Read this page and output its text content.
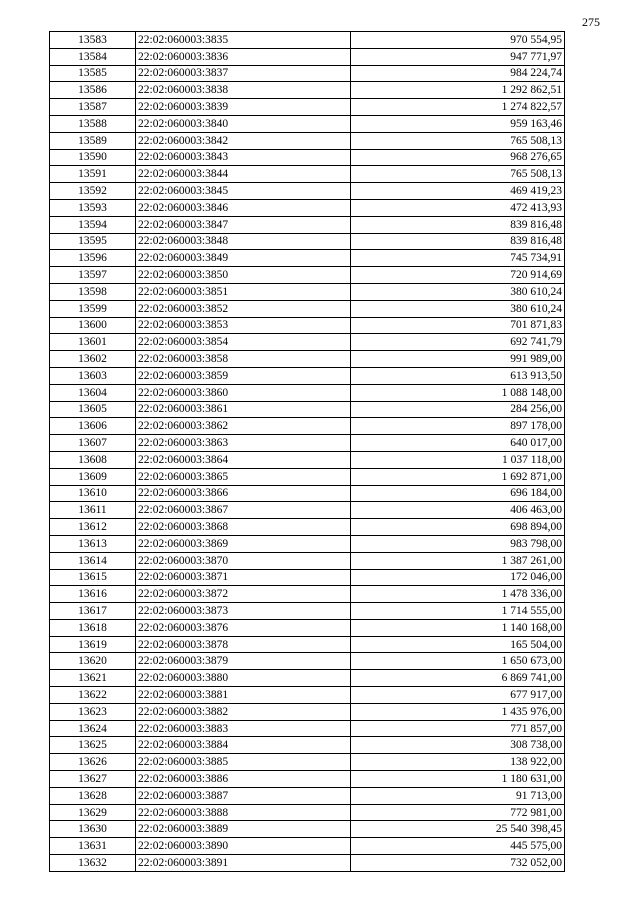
275
13583	22:02:060003:3835	970 554,95
13584	22:02:060003:3836	947 771,97
13585	22:02:060003:3837	984 224,74
13586	22:02:060003:3838	1 292 862,51
13587	22:02:060003:3839	1 274 822,57
13588	22:02:060003:3840	959 163,46
13589	22:02:060003:3842	765 508,13
13590	22:02:060003:3843	968 276,65
13591	22:02:060003:3844	765 508,13
13592	22:02:060003:3845	469 419,23
13593	22:02:060003:3846	472 413,93
13594	22:02:060003:3847	839 816,48
13595	22:02:060003:3848	839 816,48
13596	22:02:060003:3849	745 734,91
13597	22:02:060003:3850	720 914,69
13598	22:02:060003:3851	380 610,24
13599	22:02:060003:3852	380 610,24
13600	22:02:060003:3853	701 871,83
13601	22:02:060003:3854	692 741,79
13602	22:02:060003:3858	991 989,00
13603	22:02:060003:3859	613 913,50
13604	22:02:060003:3860	1 088 148,00
13605	22:02:060003:3861	284 256,00
13606	22:02:060003:3862	897 178,00
13607	22:02:060003:3863	640 017,00
13608	22:02:060003:3864	1 037 118,00
13609	22:02:060003:3865	1 692 871,00
13610	22:02:060003:3866	696 184,00
13611	22:02:060003:3867	406 463,00
13612	22:02:060003:3868	698 894,00
13613	22:02:060003:3869	983 798,00
13614	22:02:060003:3870	1 387 261,00
13615	22:02:060003:3871	172 046,00
13616	22:02:060003:3872	1 478 336,00
13617	22:02:060003:3873	1 714 555,00
13618	22:02:060003:3876	1 140 168,00
13619	22:02:060003:3878	165 504,00
13620	22:02:060003:3879	1 650 673,00
13621	22:02:060003:3880	6 869 741,00
13622	22:02:060003:3881	677 917,00
13623	22:02:060003:3882	1 435 976,00
13624	22:02:060003:3883	771 857,00
13625	22:02:060003:3884	308 738,00
13626	22:02:060003:3885	138 922,00
13627	22:02:060003:3886	1 180 631,00
13628	22:02:060003:3887	91 713,00
13629	22:02:060003:3888	772 981,00
13630	22:02:060003:3889	25 540 398,45
13631	22:02:060003:3890	445 575,00
13632	22:02:060003:3891	732 052,00
